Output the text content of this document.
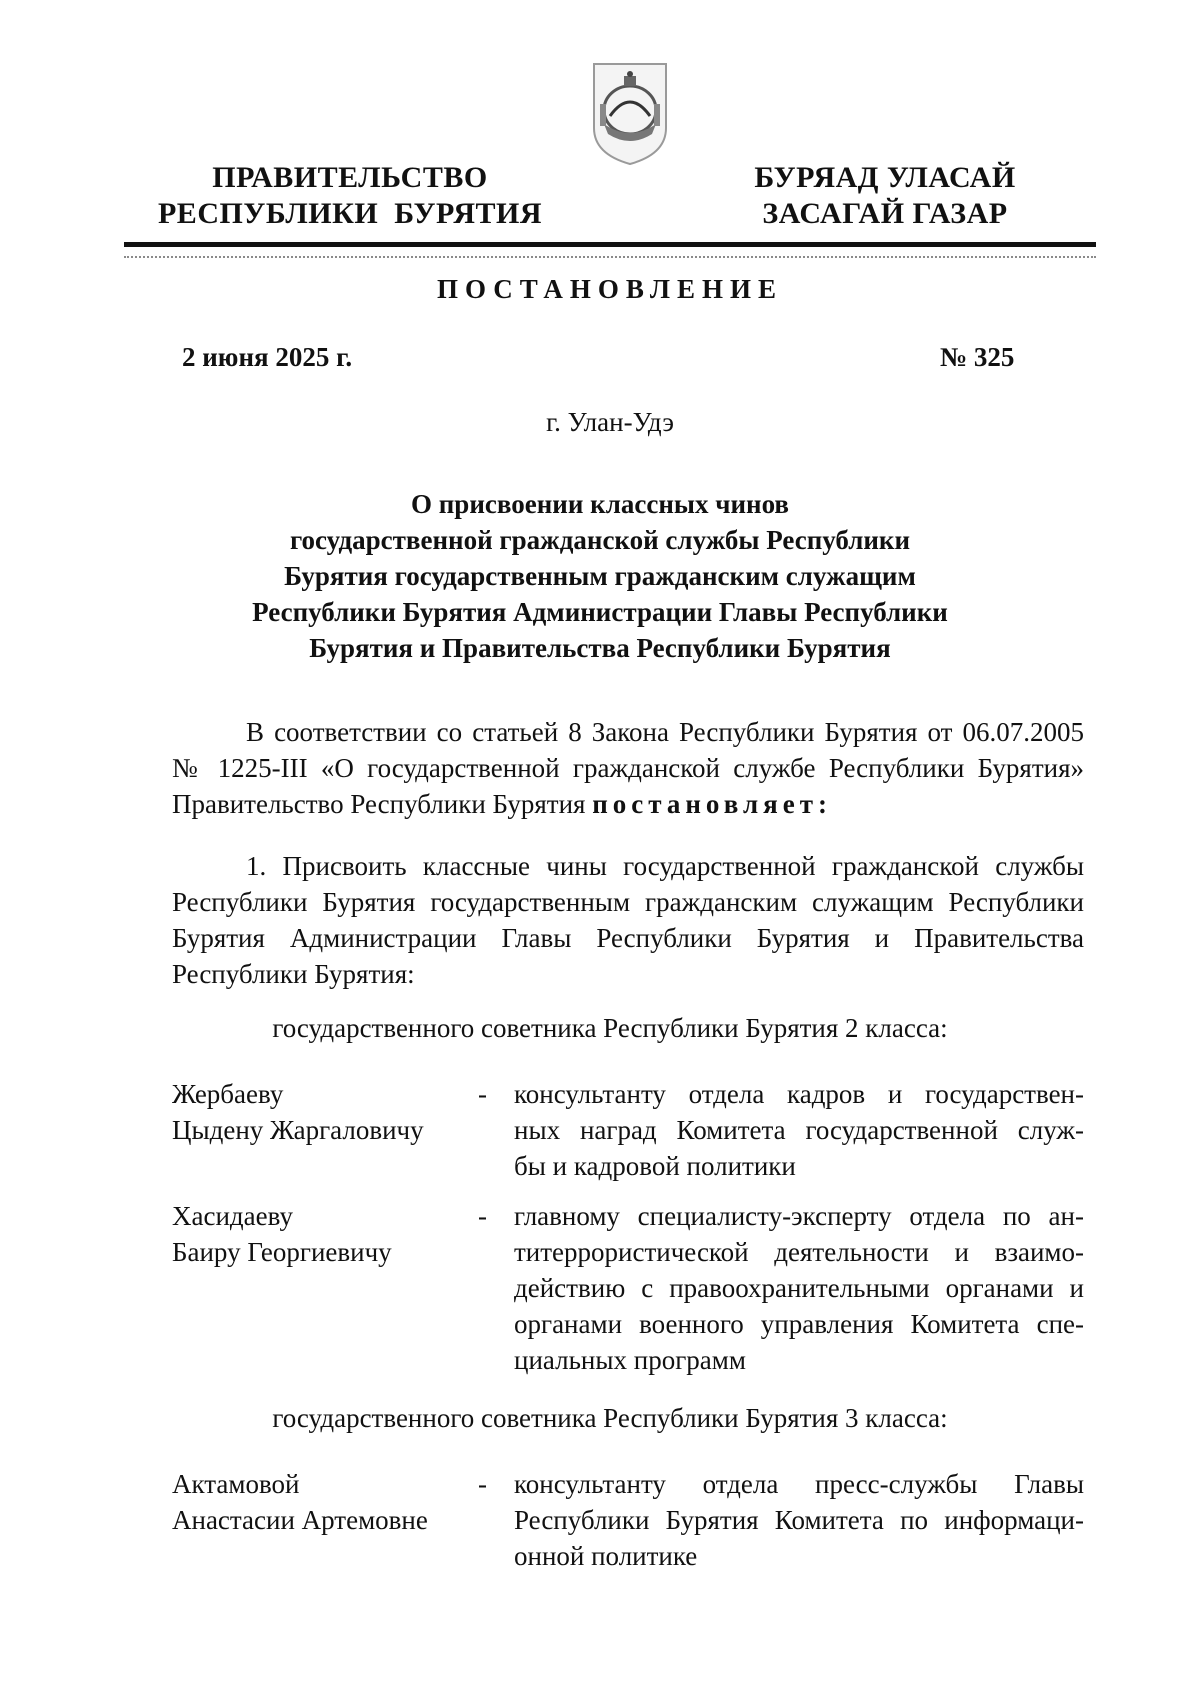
ПРАВИТЕЛЬСТВО
РЕСПУБЛИКИ  БУРЯТИЯ
БУРЯАД УЛАСАЙ
ЗАСАГАЙ ГАЗАР
ПОСТАНОВЛЕНИЕ
2 июня 2025 г.	№ 325
г. Улан-Удэ
О присвоении классных чинов
государственной гражданской службы Республики
Бурятия государственным гражданским служащим
Республики Бурятия Администрации Главы Республики
Бурятия и Правительства Республики Бурятия
В соответствии со статьей 8 Закона Республики Бурятия от 06.07.2005 № 1225-III «О государственной гражданской службе Республики Бурятия» Правительство Республики Бурятия постановляет:
1. Присвоить классные чины государственной гражданской службы Республики Бурятия государственным гражданским служащим Республики Бурятия Администрации Главы Республики Бурятия и Правительства Республики Бурятия:
государственного советника Республики Бурятия 2 класса:
Жербаеву
Цыдену Жаргаловичу
- консультанту отдела кадров и государствен-
ных наград Комитета государственной служ-
бы и кадровой политики
Хасидаеву
Баиру Георгиевичу
- главному специалисту-эксперту отдела по ан-
титеррористической деятельности и взаимо-
действию с правоохранительными органами и
органами военного управления Комитета спе-
циальных программ
государственного советника Республики Бурятия 3 класса:
Актамовой
Анастасии Артемовне
- консультанту отдела пресс-службы Главы
Республики Бурятия Комитета по информаци-
онной политике
